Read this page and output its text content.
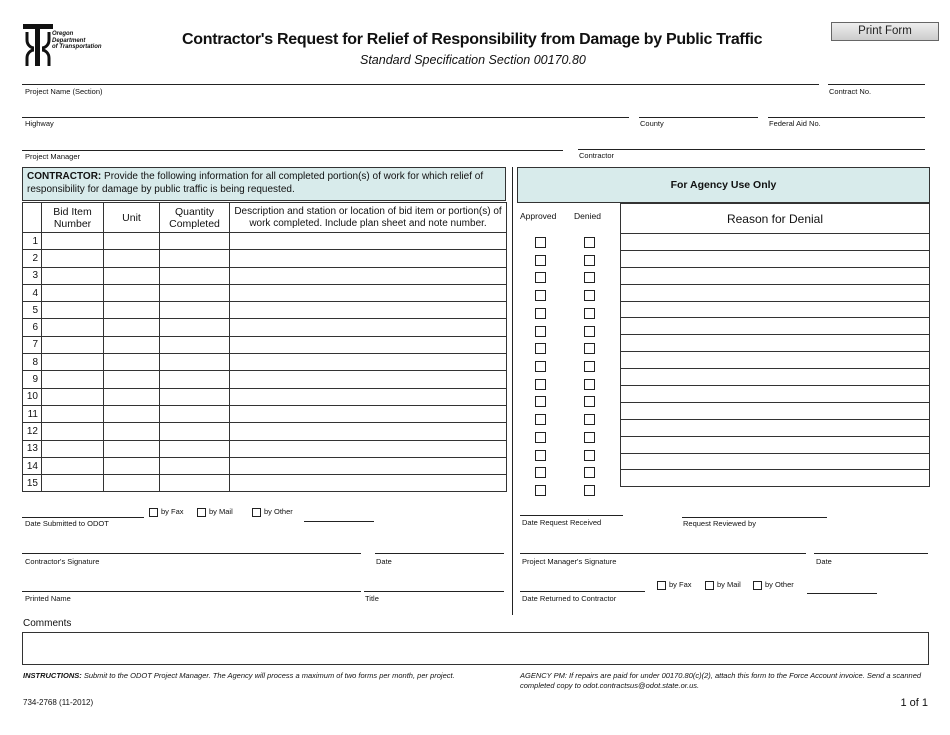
Oregon
Department
of Transportation	Contractor's Request for Relief of Responsibility from Damage by Public Traffic
Standard Specification Section 00170.80
Print Form
Project Name (Section)	Contract No.
Highway	County	Federal Aid No.
Project Manager	Contractor
CONTRACTOR: Provide the following information for all completed portion(s) of work for which relief of responsibility for damage by public traffic is being requested.
	Bid Item Number	Unit	Quantity Completed	Description and station or location of bid item or portion(s) of work completed. Include plan sheet and note number.
1				
2				
3				
4				
5				
6				
7				
8				
9				
10				
11				
12				
13				
14				
15				
For Agency Use Only
Approved Denied	Reason for Denial

by Fax	by Mail	by Other
Date Submitted to ODOT
Contractor's Signature	Date
Printed Name	Title
Date Request Received	Request Reviewed by
Project Manager's Signature	Date
by Fax	by Mail	by Other
Date Returned to Contractor
Comments
INSTRUCTIONS: Submit to the ODOT Project Manager. The Agency will process a maximum of two forms per month, per project.	AGENCY PM: If repairs are paid for under 00170.80(c)(2), attach this form to the Force Account invoice. Send a scanned
completed copy to odot.contractsus@odot.state.or.us.
734-2768 (11-2012)	1 of 1
